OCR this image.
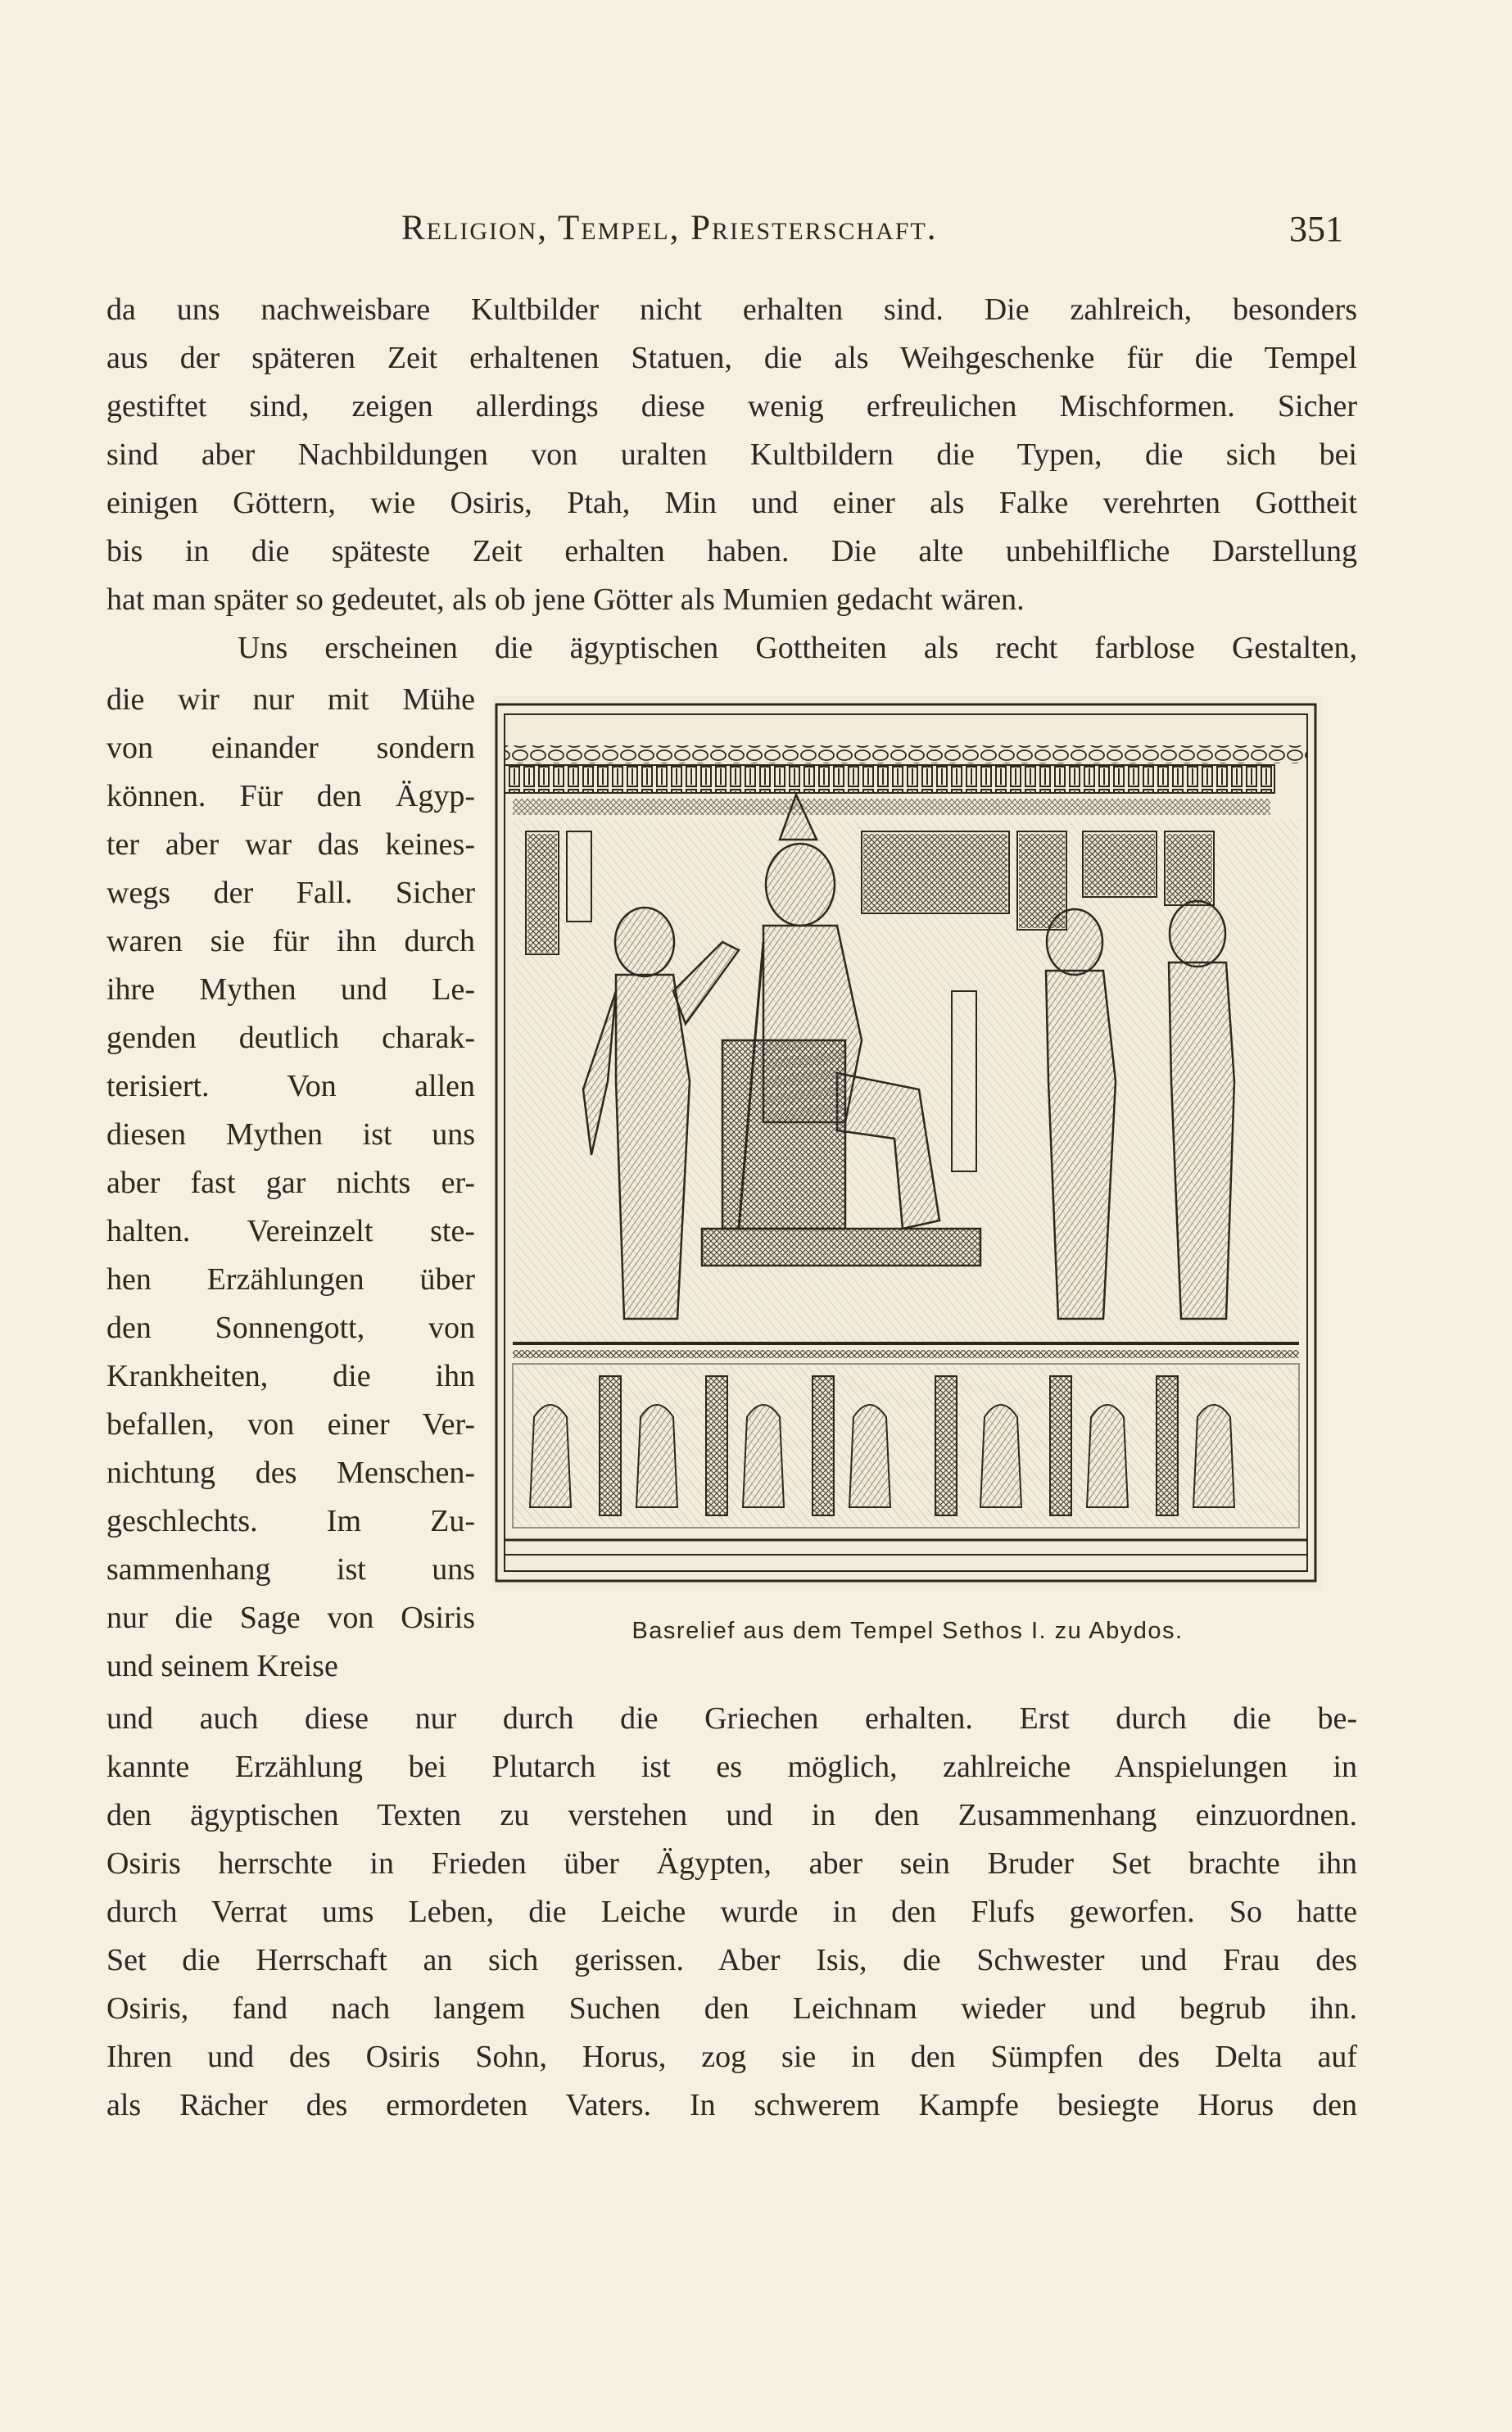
Religion, Tempel, Priesterschaft.	351
da uns nachweisbare Kultbilder nicht erhalten sind. Die zahlreich, besonders
aus der späteren Zeit erhaltenen Statuen, die als Weihgeschenke für die Tempel
gestiftet sind, zeigen allerdings diese wenig erfreulichen Mischformen. Sicher
sind aber Nachbildungen von uralten Kultbildern die Typen, die sich bei
einigen Göttern, wie Osiris, Ptah, Min und einer als Falke verehrten Gottheit
bis in die späteste Zeit erhalten haben. Die alte unbehilfliche Darstellung
hat man später so gedeutet, als ob jene Götter als Mumien gedacht wären.
Uns erscheinen die ägyptischen Gottheiten als recht farblose Gestalten,
die wir nur mit Mühe
von einander sondern
können. Für den Ägyp-
ter aber war das keines-
wegs der Fall. Sicher
waren sie für ihn durch
ihre Mythen und Le-
genden deutlich charak-
terisiert. Von allen
diesen Mythen ist uns
aber fast gar nichts er-
halten. Vereinzelt ste-
hen Erzählungen über
den Sonnengott, von
Krankheiten, die ihn
befallen, von einer Ver-
nichtung des Menschen-
geschlechts. Im Zu-
sammenhang ist uns
nur die Sage von Osiris
und seinem Kreise
und auch diese nur durch die Griechen erhalten. Erst durch die be-
kannte Erzählung bei Plutarch ist es möglich, zahlreiche Anspielungen in
den ägyptischen Texten zu verstehen und in den Zusammenhang einzuordnen.
Osiris herrschte in Frieden über Ägypten, aber sein Bruder Set brachte ihn
durch Verrat ums Leben, die Leiche wurde in den Flufs geworfen. So hatte
Set die Herrschaft an sich gerissen. Aber Isis, die Schwester und Frau des
Osiris, fand nach langem Suchen den Leichnam wieder und begrub ihn.
Ihren und des Osiris Sohn, Horus, zog sie in den Sümpfen des Delta auf
als Rächer des ermordeten Vaters. In schwerem Kampfe besiegte Horus den
Basrelief aus dem Tempel Sethos I. zu Abydos.
